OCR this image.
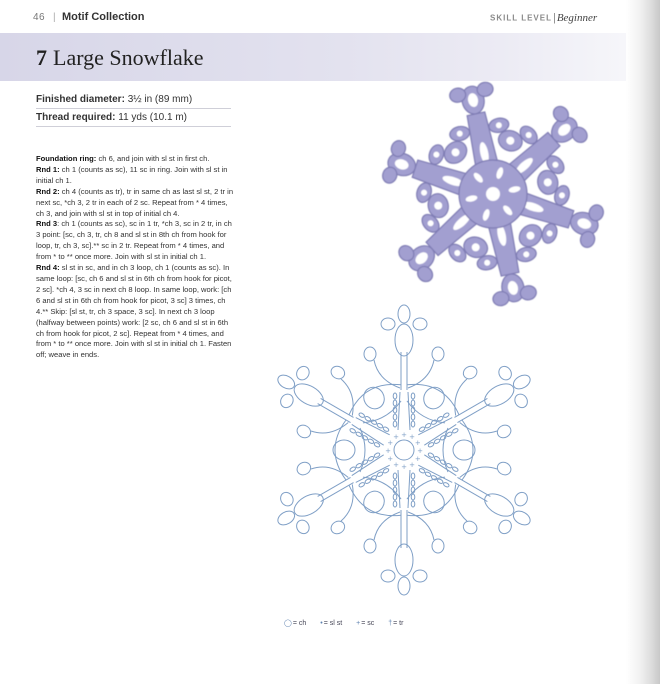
46 | Motif Collection	SKILL LEVEL|Beginner
7 Large Snowflake
Finished diameter: 3½ in (89 mm)
Thread required: 11 yds (10.1 m)

Foundation ring: ch 6, and join with sl st in first ch.

Rnd 1: ch 1 (counts as sc), 11 sc in ring. Join with sl st in initial ch 1.

Rnd 2: ch 4 (counts as tr), tr in same ch as last sl st, 2 tr in next sc, *ch 3, 2 tr in each of 2 sc. Repeat from * 4 times, ch 3, and join with sl st in top of initial ch 4.

Rnd 3: ch 1 (counts as sc), sc in 1 tr, *ch 3, sc in 2 tr, in ch 3 point: [sc, ch 3, tr, ch 8 and sl st in 8th ch from hook for loop, tr, ch 3, sc].** sc in 2 tr. Repeat from * 4 times, and from * to ** once more. Join with sl st in initial ch 1.

Rnd 4: sl st in sc, and in ch 3 loop, ch 1 (counts as sc). In same loop: [sc, ch 6 and sl st in 6th ch from hook for picot, 2 sc]. *ch 4, 3 sc in next ch 8 loop. In same loop, work: [ch 6 and sl st in 6th ch from hook for picot, 3 sc] 3 times, ch 4.** Skip: [sl st, tr, ch 3 space, 3 sc]. In next ch 3 loop (halfway between points) work: [2 sc, ch 6 and sl st in 6th ch from hook for picot, 2 sc]. Repeat from * 4 times, and from * to ** once more. Join with sl st in initial ch 1. Fasten off; weave in ends.

+ +
+
+
+
+
+
+
+
+
+
+
◯= ch •= sl st += sc †= tr
